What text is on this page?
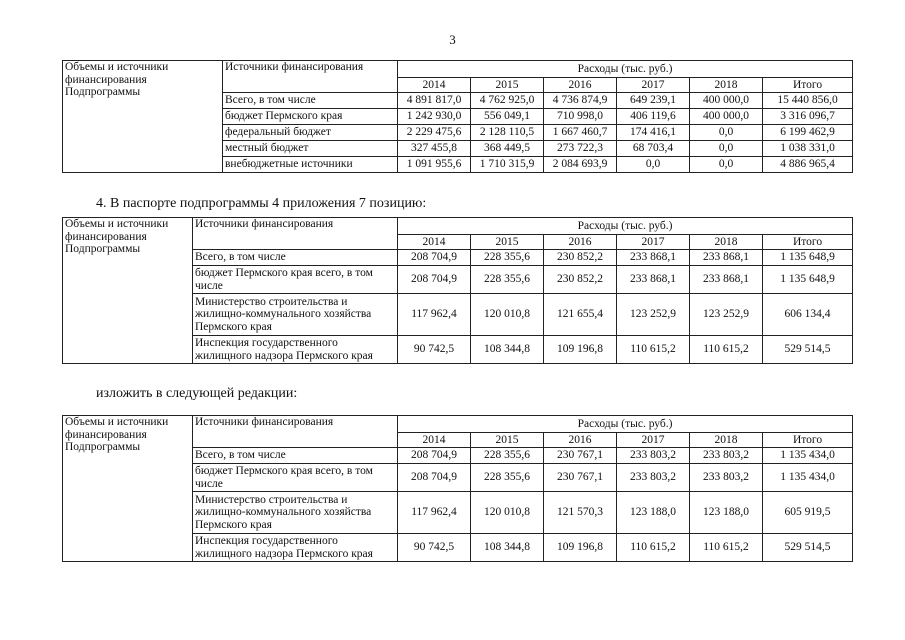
3
Объемы и источники финансирования Подпрограммы	Источники финансирования	Расходы (тыс. руб.)					
		2014	2015	2016	2017	2018	Итого
	Всего, в том числе	4 891 817,0	4 762 925,0	4 736 874,9	649 239,1	400 000,0	15 440 856,0
	бюджет Пермского края	1 242 930,0	556 049,1	710 998,0	406 119,6	400 000,0	3 316 096,7
	федеральный бюджет	2 229 475,6	2 128 110,5	1 667 460,7	174 416,1	0,0	6 199 462,9
	местный бюджет	327 455,8	368 449,5	273 722,3	68 703,4	0,0	1 038 331,0
	внебюджетные источники	1 091 955,6	1 710 315,9	2 084 693,9	0,0	0,0	4 886 965,4
4. В паспорте подпрограммы 4 приложения 7 позицию:
Объемы и источники финансирования Подпрограммы	Источники финансирования	Расходы (тыс. руб.)					
		2014	2015	2016	2017	2018	Итого
	Всего, в том числе	208 704,9	228 355,6	230 852,2	233 868,1	233 868,1	1 135 648,9
	бюджет Пермского края всего, в том числе	208 704,9	228 355,6	230 852,2	233 868,1	233 868,1	1 135 648,9
	Министерство строительства и жилищно-коммунального хозяйства Пермского края	117 962,4	120 010,8	121 655,4	123 252,9	123 252,9	606 134,4
	Инспекция государственного жилищного надзора Пермского края	90 742,5	108 344,8	109 196,8	110 615,2	110 615,2	529 514,5
изложить в следующей редакции:
Объемы и источники финансирования Подпрограммы	Источники финансирования	Расходы (тыс. руб.)					
		2014	2015	2016	2017	2018	Итого
	Всего, в том числе	208 704,9	228 355,6	230 767,1	233 803,2	233 803,2	1 135 434,0
	бюджет Пермского края всего, в том числе	208 704,9	228 355,6	230 767,1	233 803,2	233 803,2	1 135 434,0
	Министерство строительства и жилищно-коммунального хозяйства Пермского края	117 962,4	120 010,8	121 570,3	123 188,0	123 188,0	605 919,5
	Инспекция государственного жилищного надзора Пермского края	90 742,5	108 344,8	109 196,8	110 615,2	110 615,2	529 514,5
